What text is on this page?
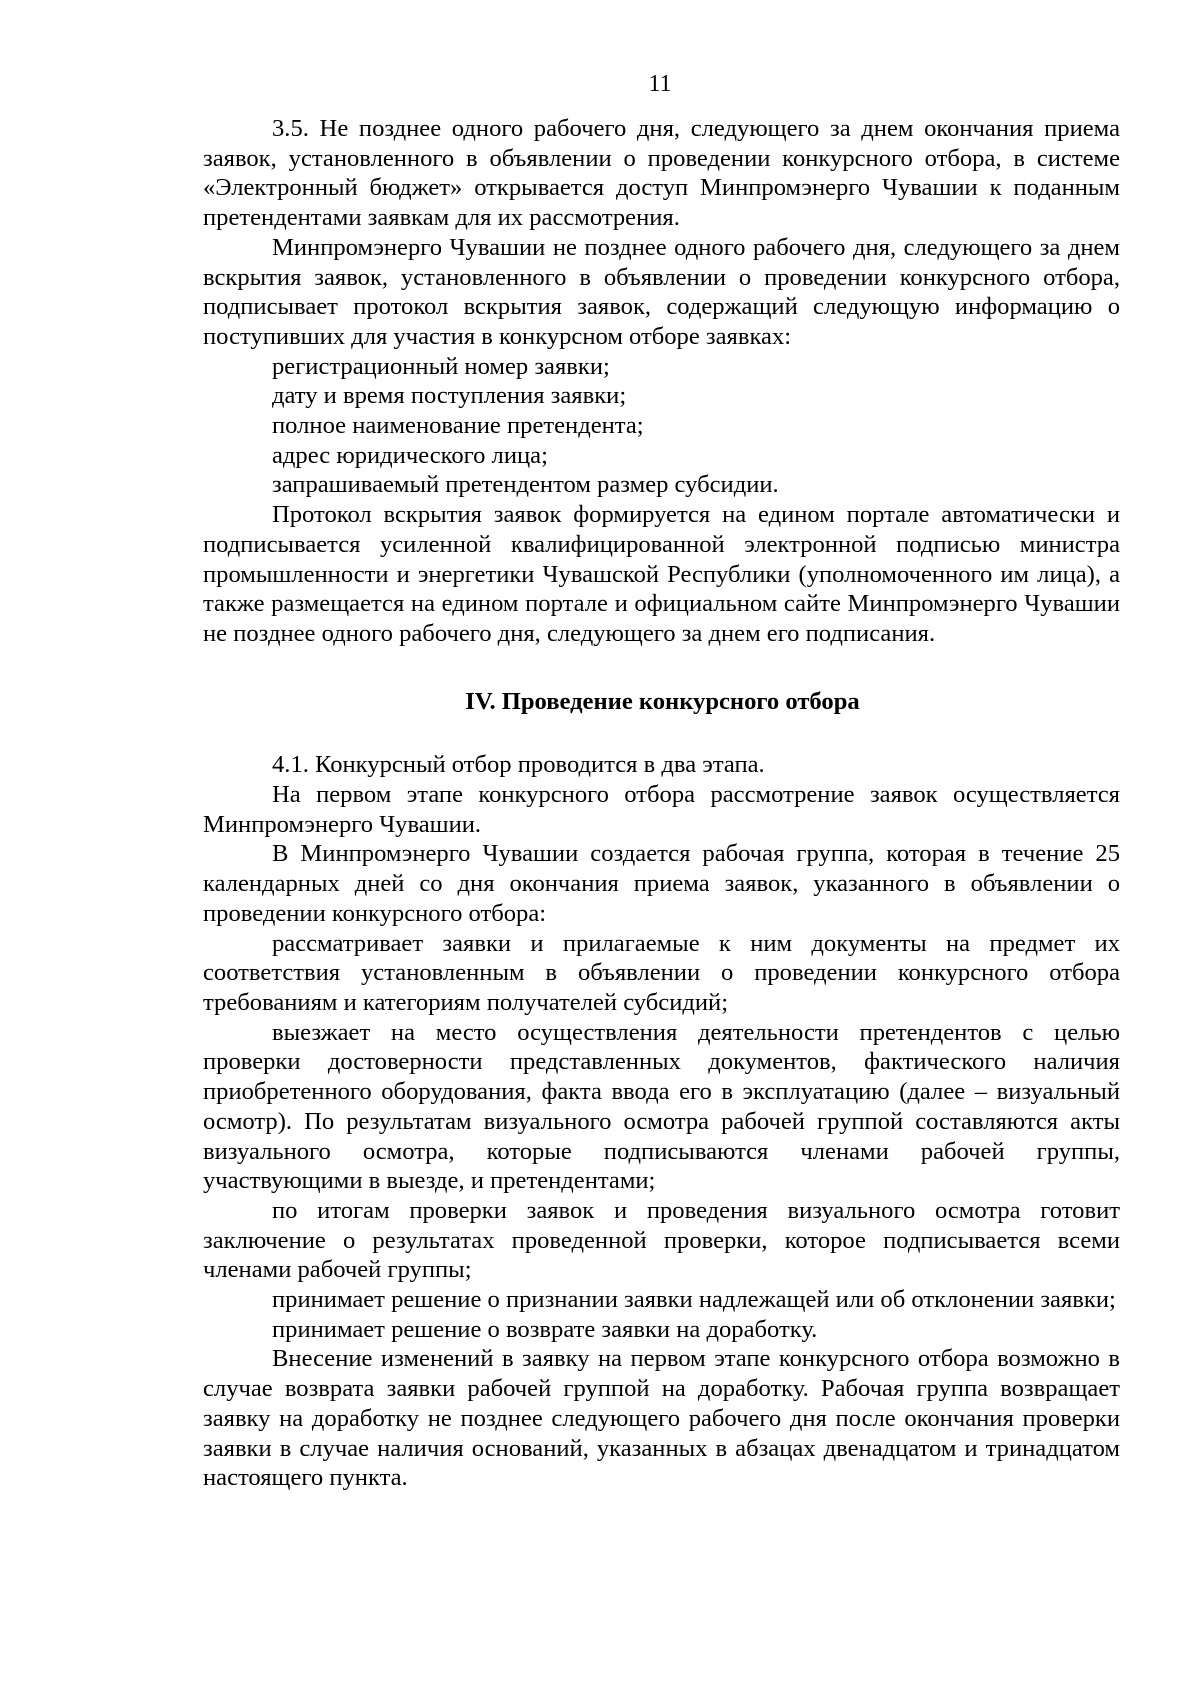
11

3.5. Не позднее одного рабочего дня, следующего за днем окончания приема заявок, установленного в объявлении о проведении конкурсного отбора, в системе «Электронный бюджет» открывается доступ Минпромэнерго Чувашии к поданным претендентами заявкам для их рассмотрения.

Минпромэнерго Чувашии не позднее одного рабочего дня, следующего за днем вскрытия заявок, установленного в объявлении о проведении конкурсного отбора, подписывает протокол вскрытия заявок, содержащий следующую информацию о поступивших для участия в конкурсном отборе заявках:

регистрационный номер заявки;

дату и время поступления заявки;

полное наименование претендента;

адрес юридического лица;

запрашиваемый претендентом размер субсидии.

Протокол вскрытия заявок формируется на едином портале автоматически и подписывается усиленной квалифицированной электронной подписью министра промышленности и энергетики Чувашской Республики (уполномоченного им лица), а также размещается на едином портале и официальном сайте Минпромэнерго Чувашии не позднее одного рабочего дня, следующего за днем его подписания.

IV. Проведение конкурсного отбора

4.1. Конкурсный отбор проводится в два этапа.

На первом этапе конкурсного отбора рассмотрение заявок осуществляется Минпромэнерго Чувашии.

В Минпромэнерго Чувашии создается рабочая группа, которая в течение 25 календарных дней со дня окончания приема заявок, указанного в объявлении о проведении конкурсного отбора:

рассматривает заявки и прилагаемые к ним документы на предмет их соответствия установленным в объявлении о проведении конкурсного отбора требованиям и категориям получателей субсидий;

выезжает на место осуществления деятельности претендентов с целью проверки достоверности представленных документов, фактического наличия приобретенного оборудования, факта ввода его в эксплуатацию (далее – визуальный осмотр). По результатам визуального осмотра рабочей группой составляются акты визуального осмотра, которые подписываются членами рабочей группы, участвующими в выезде, и претендентами;

по итогам проверки заявок и проведения визуального осмотра готовит заключение о результатах проведенной проверки, которое подписывается всеми членами рабочей группы;

принимает решение о признании заявки надлежащей или об отклонении заявки;

принимает решение о возврате заявки на доработку.

Внесение изменений в заявку на первом этапе конкурсного отбора возможно в случае возврата заявки рабочей группой на доработку. Рабочая группа возвращает заявку на доработку не позднее следующего рабочего дня после окончания проверки заявки в случае наличия оснований, указанных в абзацах двенадцатом и тринадцатом настоящего пункта.
